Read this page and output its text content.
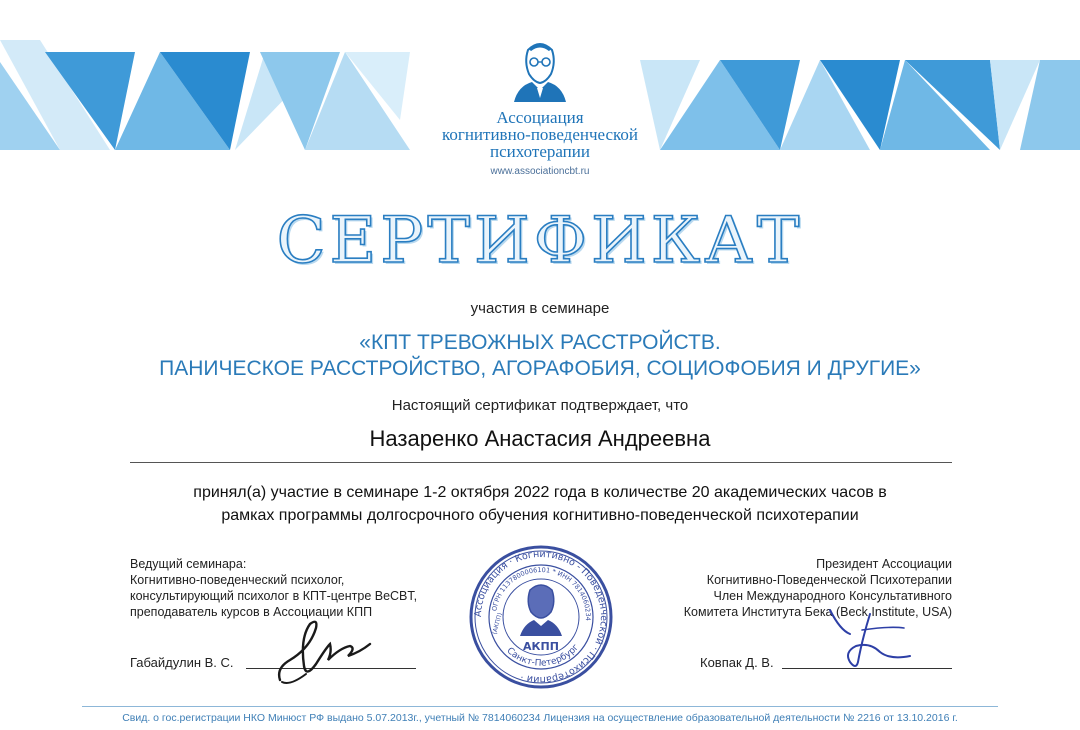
Ассоциация
когнитивно-поведенческой
психотерапии
www.associationcbt.ru
СЕРТИФИКАТ
участия в семинаре
«КПТ ТРЕВОЖНЫХ РАССТРОЙСТВ.
ПАНИЧЕСКОЕ РАССТРОЙСТВО, АГОРАФОБИЯ, СОЦИОФОБИЯ И ДРУГИЕ»
Настоящий сертификат подтверждает, что
Назаренко Анастасия Андреевна
принял(а) участие в семинаре 1-2 октября 2022 года в количестве 20 академических часов в
рамках программы долгосрочного обучения когнитивно-поведенческой психотерапии
Ведущий семинара:
Когнитивно-поведенческий психолог,
консультирующий психолог в КПТ-центре BeCBT,
преподаватель курсов в Ассоциации КПП
Президент Ассоциации
Когнитивно-Поведенческой Психотерапии
Член Международного Консультативного
Комитета Института Бека (Beck Institute, USA)
Габайдулин В. С.	Ковпак Д. В.
Ассоциация · Когнитивно - Поведенческой · Психотерапии ·
ОГРН 1137800006101 * ИНН 7814060234
Санкт-Петербург
АКПП
(АКПП)
Свид. о гос.регистрации НКО Минюст РФ выдано 5.07.2013г., учетный № 7814060234 Лицензия на осуществление образовательной деятельности № 2216 от 13.10.2016 г.
